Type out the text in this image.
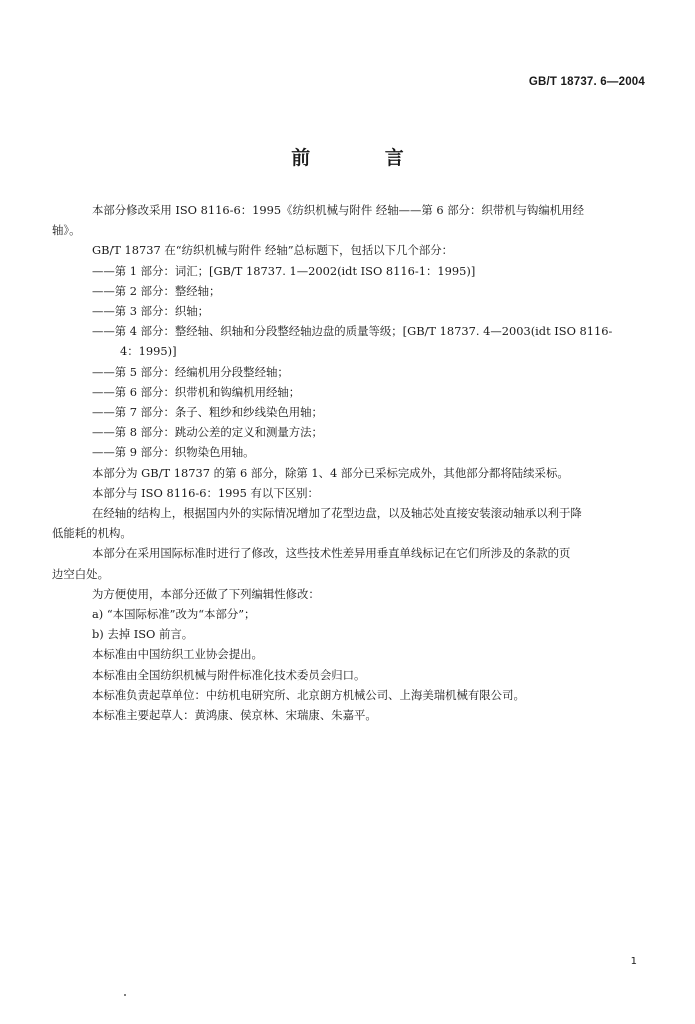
GB/T 18737. 6—2004
前 言
本部分修改采用 ISO 8116-6：1995《纺织机械与附件 经轴——第 6 部分：织带机与钩编机用经
轴》。
GB/T 18737 在“纺织机械与附件 经轴”总标题下，包括以下几个部分：
——第 1 部分：词汇；[GB/T 18737. 1—2002(idt ISO 8116-1：1995)]
——第 2 部分：整经轴；
——第 3 部分：织轴；
——第 4 部分：整经轴、织轴和分段整经轴边盘的质量等级；[GB/T 18737. 4—2003(idt ISO 8116-
4：1995)]
——第 5 部分：经编机用分段整经轴；
——第 6 部分：织带机和钩编机用经轴；
——第 7 部分：条子、粗纱和纱线染色用轴；
——第 8 部分：跳动公差的定义和测量方法；
——第 9 部分：织物染色用轴。
本部分为 GB/T 18737 的第 6 部分，除第 1、4 部分已采标完成外，其他部分都将陆续采标。
本部分与 ISO 8116-6：1995 有以下区别：
在经轴的结构上，根据国内外的实际情况增加了花型边盘，以及轴芯处直接安装滚动轴承以利于降
低能耗的机构。
本部分在采用国际标准时进行了修改，这些技术性差异用垂直单线标记在它们所涉及的条款的页
边空白处。
为方便使用，本部分还做了下列编辑性修改：
a) “本国际标准”改为“本部分”；
b) 去掉 ISO 前言。
本标准由中国纺织工业协会提出。
本标准由全国纺织机械与附件标准化技术委员会归口。
本标准负责起草单位：中纺机电研究所、北京朗方机械公司、上海美瑞机械有限公司。
本标准主要起草人：黄鸿康、侯京林、宋瑞康、朱嘉平。
1
